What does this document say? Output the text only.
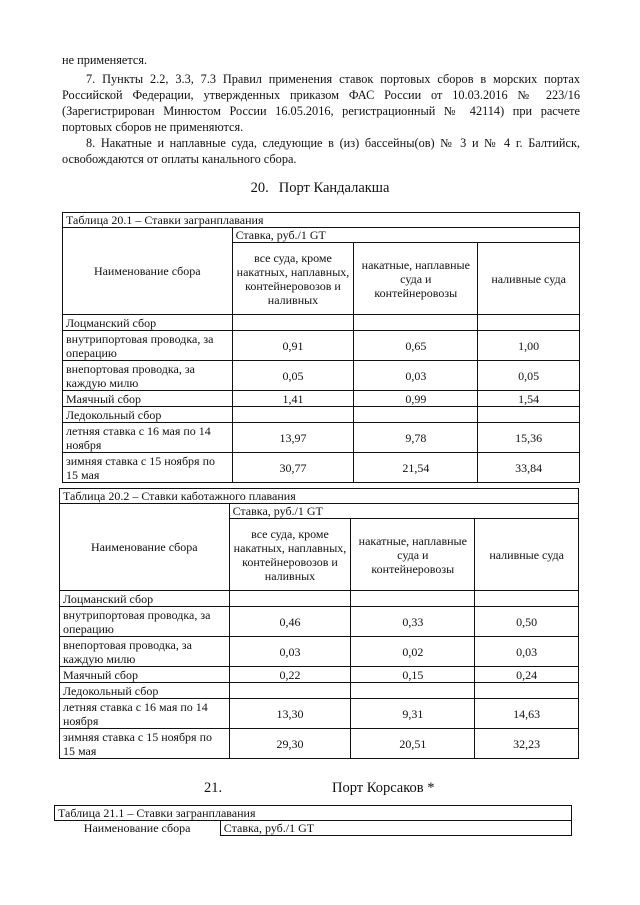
не применяется.
7. Пункты 2.2, 3.3, 7.3 Правил применения ставок портовых сборов в морских портах Российской Федерации, утвержденных приказом ФАС России от 10.03.2016 № 223/16 (Зарегистрирован Минюстом России 16.05.2016, регистрационный № 42114) при расчете портовых сборов не применяются.
8. Накатные и наплавные суда, следующие в (из) бассейны(ов) № 3 и № 4 г. Балтийск, освобождаются от оплаты канального сбора.
20. Порт Кандалакша
Таблица 20.1 – Ставки загранплавания			
Наименование сбора	Ставка, руб./1 GT		
	все суда, кроме накатных, наплавных, контейнеровозов и наливных	накатные, наплавные суда и контейнеровозы	наливные суда
Лоцманский сбор			
внутрипортовая проводка, за операцию	0,91	0,65	1,00
внепортовая проводка, за каждую милю	0,05	0,03	0,05
Маячный сбор	1,41	0,99	1,54
Ледокольный сбор			
летняя ставка с 16 мая по 14 ноября	13,97	9,78	15,36
зимняя ставка с 15 ноября по 15 мая	30,77	21,54	33,84
Таблица 20.2 – Ставки каботажного плавания			
Наименование сбора	Ставка, руб./1 GT		
	все суда, кроме накатных, наплавных, контейнеровозов и наливных	накатные, наплавные суда и контейнеровозы	наливные суда
Лоцманский сбор			
внутрипортовая проводка, за операцию	0,46	0,33	0,50
внепортовая проводка, за каждую милю	0,03	0,02	0,03
Маячный сбор	0,22	0,15	0,24
Ледокольный сбор			
летняя ставка с 16 мая по 14 ноября	13,30	9,31	14,63
зимняя ставка с 15 ноября по 15 мая	29,30	20,51	32,23
21.	Порт Корсаков *
Таблица 21.1 – Ставки загранплавания
Наименование сбора	Ставка, руб./1 GT
